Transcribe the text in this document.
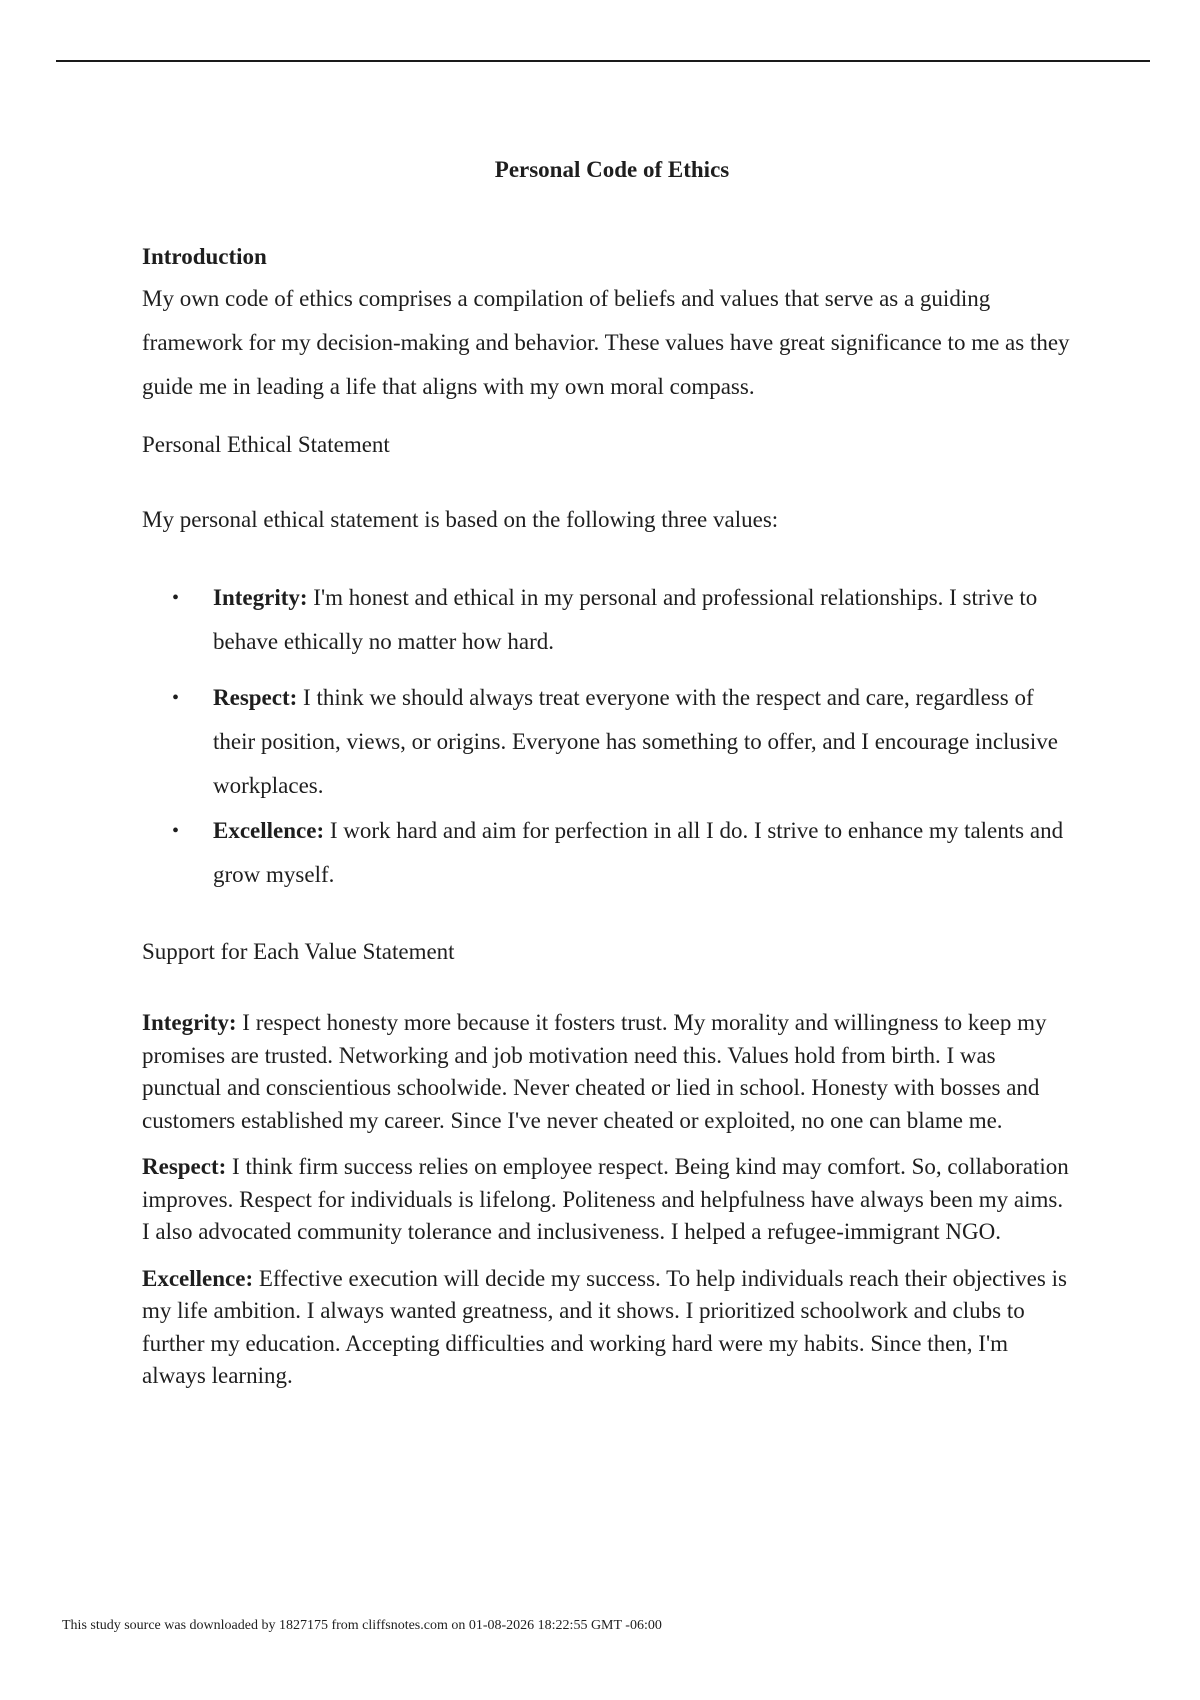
Personal Code of Ethics
Introduction

My own code of ethics comprises a compilation of beliefs and values that serve as a guiding framework for my decision-making and behavior. These values have great significance to me as they guide me in leading a life that aligns with my own moral compass.

Personal Ethical Statement

My personal ethical statement is based on the following three values:

• Integrity: I'm honest and ethical in my personal and professional relationships. I strive to behave ethically no matter how hard.
• Respect: I think we should always treat everyone with the respect and care, regardless of their position, views, or origins. Everyone has something to offer, and I encourage inclusive workplaces.
• Excellence: I work hard and aim for perfection in all I do. I strive to enhance my talents and grow myself.

Support for Each Value Statement

Integrity: I respect honesty more because it fosters trust. My morality and willingness to keep my promises are trusted. Networking and job motivation need this. Values hold from birth. I was punctual and conscientious schoolwide. Never cheated or lied in school. Honesty with bosses and customers established my career. Since I've never cheated or exploited, no one can blame me.

Respect: I think firm success relies on employee respect. Being kind may comfort. So, collaboration improves. Respect for individuals is lifelong. Politeness and helpfulness have always been my aims. I also advocated community tolerance and inclusiveness. I helped a refugee-immigrant NGO.

Excellence: Effective execution will decide my success. To help individuals reach their objectives is my life ambition. I always wanted greatness, and it shows. I prioritized schoolwork and clubs to further my education. Accepting difficulties and working hard were my habits. Since then, I'm always learning.

This study source was downloaded by 1827175 from cliffsnotes.com on 01-08-2026 18:22:55 GMT -06:00
